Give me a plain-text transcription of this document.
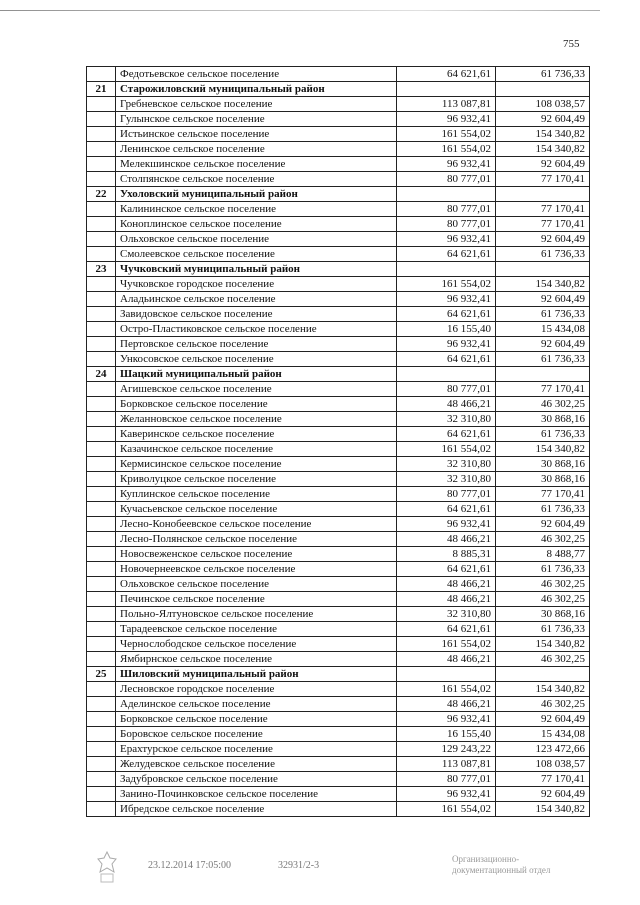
755
	Федотьевское сельское поселение	64 621,61	61 736,33
21	Старожиловский муниципальный район		
	Гребневское сельское поселение	113 087,81	108 038,57
	Гулынское сельское поселение	96 932,41	92 604,49
	Истьинское сельское поселение	161 554,02	154 340,82
	Ленинское сельское поселение	161 554,02	154 340,82
	Мелекшинское сельское поселение	96 932,41	92 604,49
	Столпянское сельское поселение	80 777,01	77 170,41
22	Ухоловский муниципальный район		
	Калининское сельское поселение	80 777,01	77 170,41
	Коноплинское сельское поселение	80 777,01	77 170,41
	Ольховское сельское поселение	96 932,41	92 604,49
	Смолеевское сельское поселение	64 621,61	61 736,33
23	Чучковский муниципальный район		
	Чучковское городское поселение	161 554,02	154 340,82
	Аладьинское сельское поселение	96 932,41	92 604,49
	Завидовское сельское поселение	64 621,61	61 736,33
	Остро-Пластиковское сельское поселение	16 155,40	15 434,08
	Пертовское сельское поселение	96 932,41	92 604,49
	Ункосовское сельское поселение	64 621,61	61 736,33
24	Шацкий муниципальный район		
	Агишевское сельское поселение	80 777,01	77 170,41
	Борковское сельское поселение	48 466,21	46 302,25
	Желанновское сельское поселение	32 310,80	30 868,16
	Каверинское сельское поселение	64 621,61	61 736,33
	Казачинское сельское поселение	161 554,02	154 340,82
	Кермисинское сельское поселение	32 310,80	30 868,16
	Криволуцкое сельское поселение	32 310,80	30 868,16
	Куплинское сельское поселение	80 777,01	77 170,41
	Кучасьевское сельское поселение	64 621,61	61 736,33
	Лесно-Конобеевское сельское поселение	96 932,41	92 604,49
	Лесно-Полянское сельское поселение	48 466,21	46 302,25
	Новосвеженское сельское поселение	8 885,31	8 488,77
	Новочернеевское сельское поселение	64 621,61	61 736,33
	Ольховское сельское поселение	48 466,21	46 302,25
	Печинское сельское поселение	48 466,21	46 302,25
	Польно-Ялтуновское сельское поселение	32 310,80	30 868,16
	Тарадеевское сельское поселение	64 621,61	61 736,33
	Чернослободское сельское поселение	161 554,02	154 340,82
	Ямбирнское сельское поселение	48 466,21	46 302,25
25	Шиловский муниципальный район		
	Лесновское городское поселение	161 554,02	154 340,82
	Аделинское сельское поселение	48 466,21	46 302,25
	Борковское сельское поселение	96 932,41	92 604,49
	Боровское сельское поселение	16 155,40	15 434,08
	Ерахтурское сельское поселение	129 243,22	123 472,66
	Желудевское сельское поселение	113 087,81	108 038,57
	Задубровское сельское поселение	80 777,01	77 170,41
	Занино-Починковское сельское поселение	96 932,41	92 604,49
	Ибредское сельское поселение	161 554,02	154 340,82
23.12.2014 17:05:00	32931/2-3
Организационно-
документационный отдел
